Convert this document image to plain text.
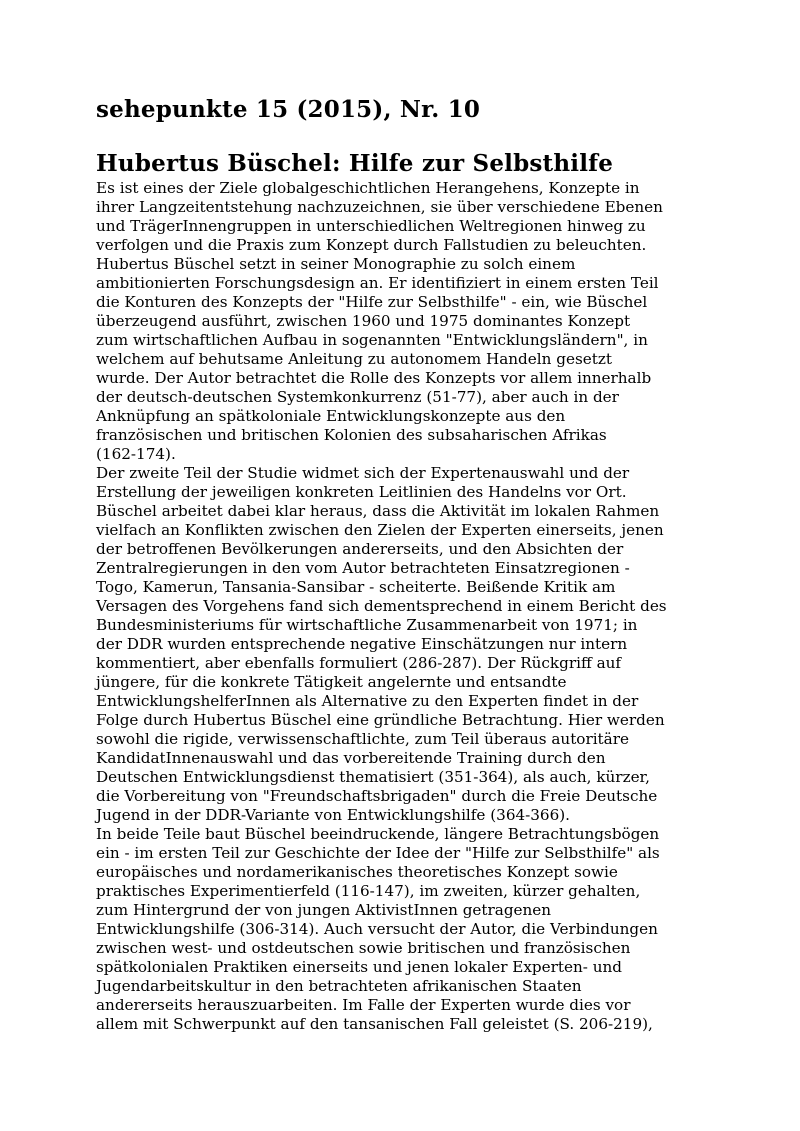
sehepunkte 15 (2015), Nr. 10
Hubertus Büschel: Hilfe zur Selbsthilfe

Es ist eines der Ziele globalgeschichtlichen Herangehens, Konzepte in
ihrer Langzeitentstehung nachzuzeichnen, sie über verschiedene Ebenen
und TrägerInnengruppen in unterschiedlichen Weltregionen hinweg zu
verfolgen und die Praxis zum Konzept durch Fallstudien zu beleuchten.
Hubertus Büschel setzt in seiner Monographie zu solch einem
ambitionierten Forschungsdesign an. Er identifiziert in einem ersten Teil
die Konturen des Konzepts der "Hilfe zur Selbsthilfe" - ein, wie Büschel
überzeugend ausführt, zwischen 1960 und 1975 dominantes Konzept
zum wirtschaftlichen Aufbau in sogenannten "Entwicklungsländern", in
welchem auf behutsame Anleitung zu autonomem Handeln gesetzt
wurde. Der Autor betrachtet die Rolle des Konzepts vor allem innerhalb
der deutsch-deutschen Systemkonkurrenz (51-77), aber auch in der
Anknüpfung an spätkoloniale Entwicklungskonzepte aus den
französischen und britischen Kolonien des subsaharischen Afrikas
(162-174).

Der zweite Teil der Studie widmet sich der Expertenauswahl und der
Erstellung der jeweiligen konkreten Leitlinien des Handelns vor Ort.
Büschel arbeitet dabei klar heraus, dass die Aktivität im lokalen Rahmen
vielfach an Konflikten zwischen den Zielen der Experten einerseits, jenen
der betroffenen Bevölkerungen andererseits, und den Absichten der
Zentralregierungen in den vom Autor betrachteten Einsatzregionen -
Togo, Kamerun, Tansania-Sansibar - scheiterte. Beißende Kritik am
Versagen des Vorgehens fand sich dementsprechend in einem Bericht des
Bundesministeriums für wirtschaftliche Zusammenarbeit von 1971; in
der DDR wurden entsprechende negative Einschätzungen nur intern
kommentiert, aber ebenfalls formuliert (286-287). Der Rückgriff auf
jüngere, für die konkrete Tätigkeit angelernte und entsandte
EntwicklungshelferInnen als Alternative zu den Experten findet in der
Folge durch Hubertus Büschel eine gründliche Betrachtung. Hier werden
sowohl die rigide, verwissenschaftlichte, zum Teil überaus autoritäre
KandidatInnenauswahl und das vorbereitende Training durch den
Deutschen Entwicklungsdienst thematisiert (351-364), als auch, kürzer,
die Vorbereitung von "Freundschaftsbrigaden" durch die Freie Deutsche
Jugend in der DDR-Variante von Entwicklungshilfe (364-366).

In beide Teile baut Büschel beeindruckende, längere Betrachtungsbögen
ein - im ersten Teil zur Geschichte der Idee der "Hilfe zur Selbsthilfe" als
europäisches und nordamerikanisches theoretisches Konzept sowie
praktisches Experimentierfeld (116-147), im zweiten, kürzer gehalten,
zum Hintergrund der von jungen AktivistInnen getragenen
Entwicklungshilfe (306-314). Auch versucht der Autor, die Verbindungen
zwischen west- und ostdeutschen sowie britischen und französischen
spätkolonialen Praktiken einerseits und jenen lokaler Experten- und
Jugendarbeitskultur in den betrachteten afrikanischen Staaten
andererseits herauszuarbeiten. Im Falle der Experten wurde dies vor
allem mit Schwerpunkt auf den tansanischen Fall geleistet (S. 206-219),
